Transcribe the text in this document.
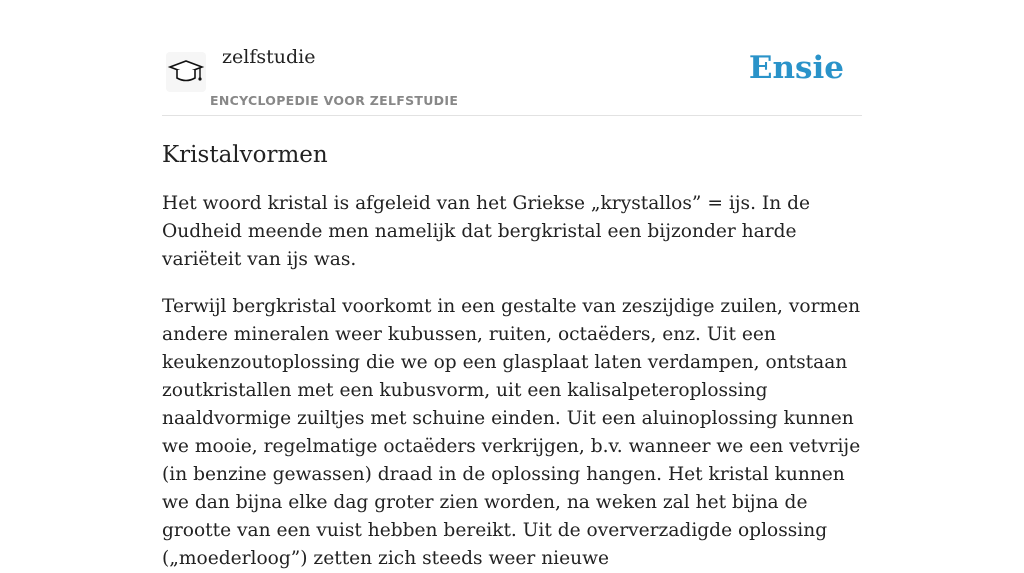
zelfstudie
ENCYCLOPEDIE VOOR ZELFSTUDIE
Ensie
Kristalvormen

Het woord kristal is afgeleid van het Griekse „krystallos” = ijs. In de Oudheid meende men namelijk dat bergkristal een bijzonder harde variëteit van ijs was.

Terwijl bergkristal voorkomt in een gestalte van zeszijdige zuilen, vormen andere mineralen weer kubussen, ruiten, octaëders, enz. Uit een keukenzoutoplossing die we op een glasplaat laten verdampen, ontstaan zoutkristallen met een kubusvorm, uit een kalisalpeteroplossing naaldvormige zuiltjes met schuine einden. Uit een aluinoplossing kunnen we mooie, regelmatige octaëders verkrijgen, b.v. wanneer we een vetvrije (in benzine gewassen) draad in de oplossing hangen. Het kristal kunnen we dan bijna elke dag groter zien worden, na weken zal het bijna de grootte van een vuist hebben bereikt. Uit de oververzadigde oplossing („moederloog”) zetten zich steeds weer nieuwe
